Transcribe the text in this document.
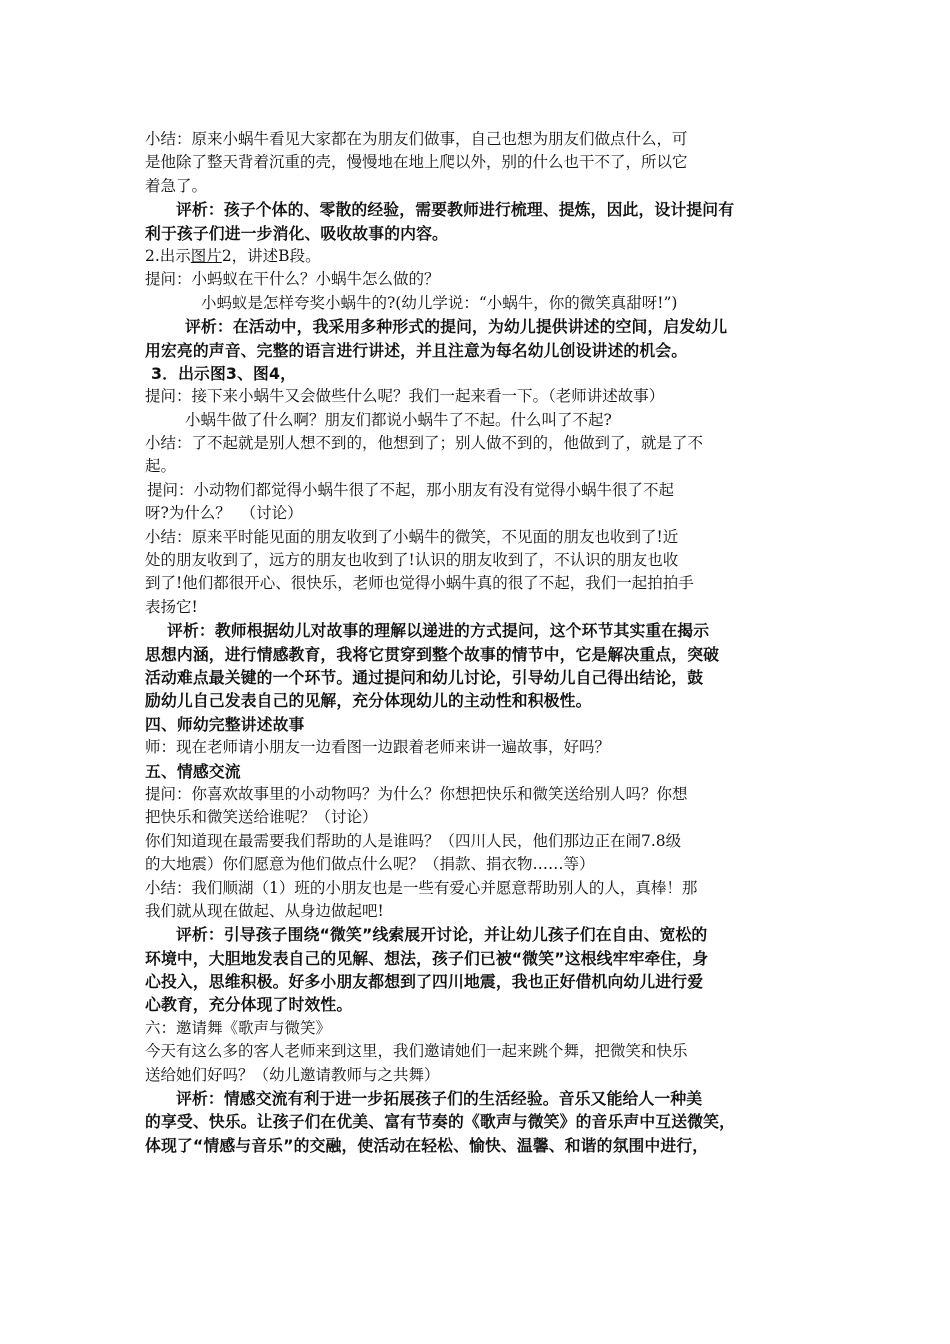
小结：原来小蜗牛看见大家都在为朋友们做事，自己也想为朋友们做点什么，可
是他除了整天背着沉重的壳，慢慢地在地上爬以外，别的什么也干不了，所以它
着急了。
评析：孩子个体的、零散的经验，需要教师进行梳理、提炼，因此，设计提问有
利于孩子们进一步消化、吸收故事的内容。
2.出示图片2，讲述B段。
提问：小蚂蚁在干什么？小蜗牛怎么做的？
小蚂蚁是怎样夸奖小蜗牛的?(幼儿学说：“小蜗牛，你的微笑真甜呀!”)
评析：在活动中，我采用多种形式的提问，为幼儿提供讲述的空间，启发幼儿
用宏亮的声音、完整的语言进行讲述，并且注意为每名幼儿创设讲述的机会。
3．出示图3、图4，
提问：接下来小蜗牛又会做些什么呢？我们一起来看一下。（老师讲述故事）
小蜗牛做了什么啊？朋友们都说小蜗牛了不起。什么叫了不起?
小结：了不起就是别人想不到的，他想到了；别人做不到的，他做到了，就是了不
起。
提问：小动物们都觉得小蜗牛很了不起，那小朋友有没有觉得小蜗牛很了不起
呀?为什么？  （讨论）
小结：原来平时能见面的朋友收到了小蜗牛的微笑，不见面的朋友也收到了!近
处的朋友收到了，远方的朋友也收到了!认识的朋友收到了，不认识的朋友也收
到了!他们都很开心、很快乐，老师也觉得小蜗牛真的很了不起，我们一起拍拍手
表扬它!
评析：教师根据幼儿对故事的理解以递进的方式提问，这个环节其实重在揭示
思想内涵，进行情感教育，我将它贯穿到整个故事的情节中，它是解决重点，突破
活动难点最关键的一个环节。通过提问和幼儿讨论，引导幼儿自己得出结论，鼓
励幼儿自己发表自己的见解，充分体现幼儿的主动性和积极性。
四、师幼完整讲述故事
师：现在老师请小朋友一边看图一边跟着老师来讲一遍故事，好吗？
五、情感交流
提问：你喜欢故事里的小动物吗？为什么？你想把快乐和微笑送给别人吗？你想
把快乐和微笑送给谁呢？（讨论）
你们知道现在最需要我们帮助的人是谁吗？（四川人民，他们那边正在闹7.8级
的大地震）你们愿意为他们做点什么呢？（捐款、捐衣物……等）
小结：我们顺湖（1）班的小朋友也是一些有爱心并愿意帮助别人的人，真棒！那
我们就从现在做起、从身边做起吧!
评析：引导孩子围绕“微笑”线索展开讨论，并让幼儿孩子们在自由、宽松的
环境中，大胆地发表自己的见解、想法，孩子们已被“微笑”这根线牢牢牵住，身
心投入，思维积极。好多小朋友都想到了四川地震，我也正好借机向幼儿进行爱
心教育，充分体现了时效性。
六：邀请舞《歌声与微笑》
今天有这么多的客人老师来到这里，我们邀请她们一起来跳个舞，把微笑和快乐
送给她们好吗？（幼儿邀请教师与之共舞）
评析：情感交流有利于进一步拓展孩子们的生活经验。音乐又能给人一种美
的享受、快乐。让孩子们在优美、富有节奏的《歌声与微笑》的音乐声中互送微笑，
体现了“情感与音乐”的交融，使活动在轻松、愉快、温馨、和谐的氛围中进行，
